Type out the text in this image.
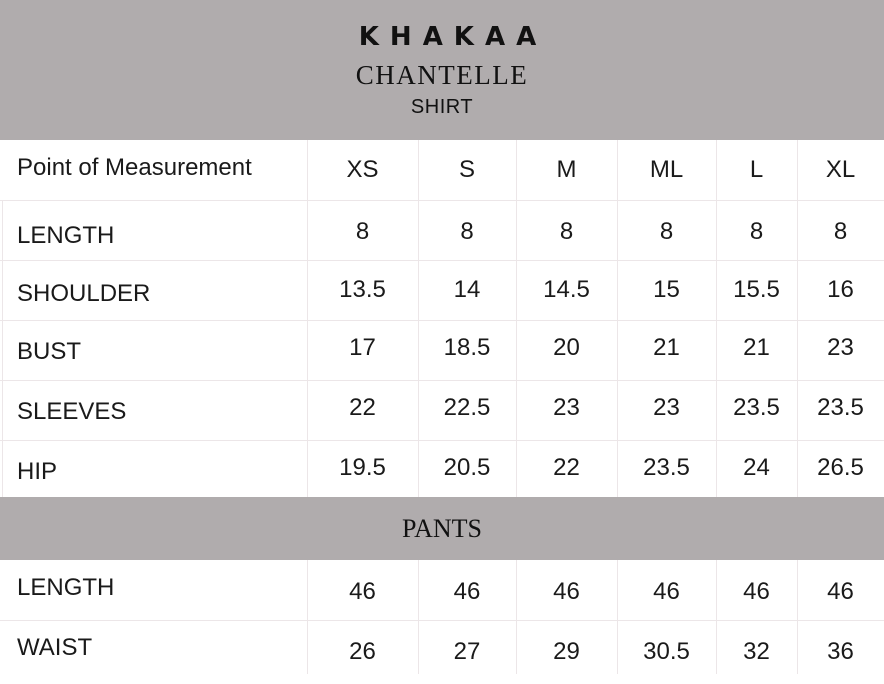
KHAKAA
CHANTELLE
SHIRT
PANTS
Point of Measurement	XS	S	M	ML	L	XL
LENGTH	8	8	8	8	8	8
SHOULDER	13.5	14	14.5	15	15.5	16
BUST	17	18.5	20	21	21	23
SLEEVES	22	22.5	23	23	23.5	23.5
HIP	19.5	20.5	22	23.5	24	26.5
LENGTH	46	46	46	46	46	46
WAIST	26	27	29	30.5	32	36
